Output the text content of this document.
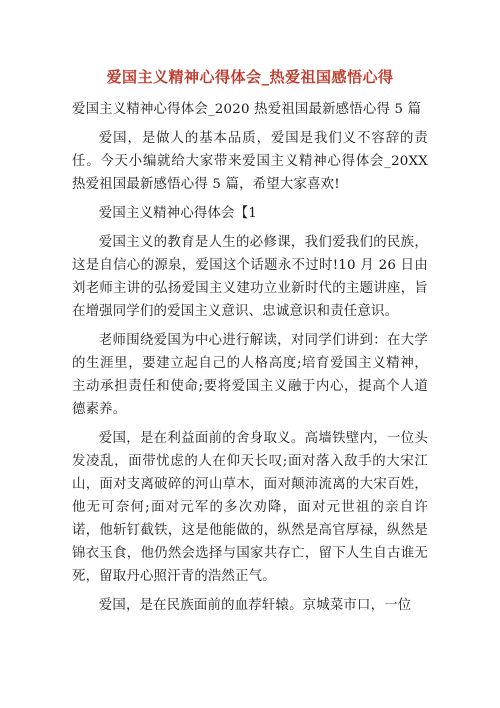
爱国主义精神心得体会_热爱祖国感悟心得

爱国主义精神心得体会_2020 热爱祖国最新感悟心得 5 篇

爱国，是做人的基本品质，爱国是我们义不容辞的责任。今天小编就给大家带来爱国主义精神心得体会_20XX 热爱祖国最新感悟心得 5 篇，希望大家喜欢!

爱国主义精神心得体会【1

爱国主义的教育是人生的必修课，我们爱我们的民族，这是自信心的源泉，爱国这个话题永不过时!10 月 26 日由刘老师主讲的弘扬爱国主义建功立业新时代的主题讲座，旨在增强同学们的爱国主义意识、忠诚意识和责任意识。

老师围绕爱国为中心进行解读，对同学们讲到：在大学的生涯里，要建立起自己的人格高度;培育爱国主义精神，主动承担责任和使命;要将爱国主义融于内心，提高个人道德素养。

爱国，是在利益面前的舍身取义。高墙铁壁内，一位头发凌乱，面带忧虑的人在仰天长叹;面对落入敌手的大宋江山，面对支离破碎的河山草木，面对颠沛流离的大宋百姓，他无可奈何;面对元军的多次劝降，面对元世祖的亲自许诺，他斩钉截铁，这是他能做的，纵然是高官厚禄，纵然是锦衣玉食，他仍然会选择与国家共存亡，留下人生自古谁无死，留取丹心照汗青的浩然正气。

爱国，是在民族面前的血荐轩辕。京城菜市口，一位
